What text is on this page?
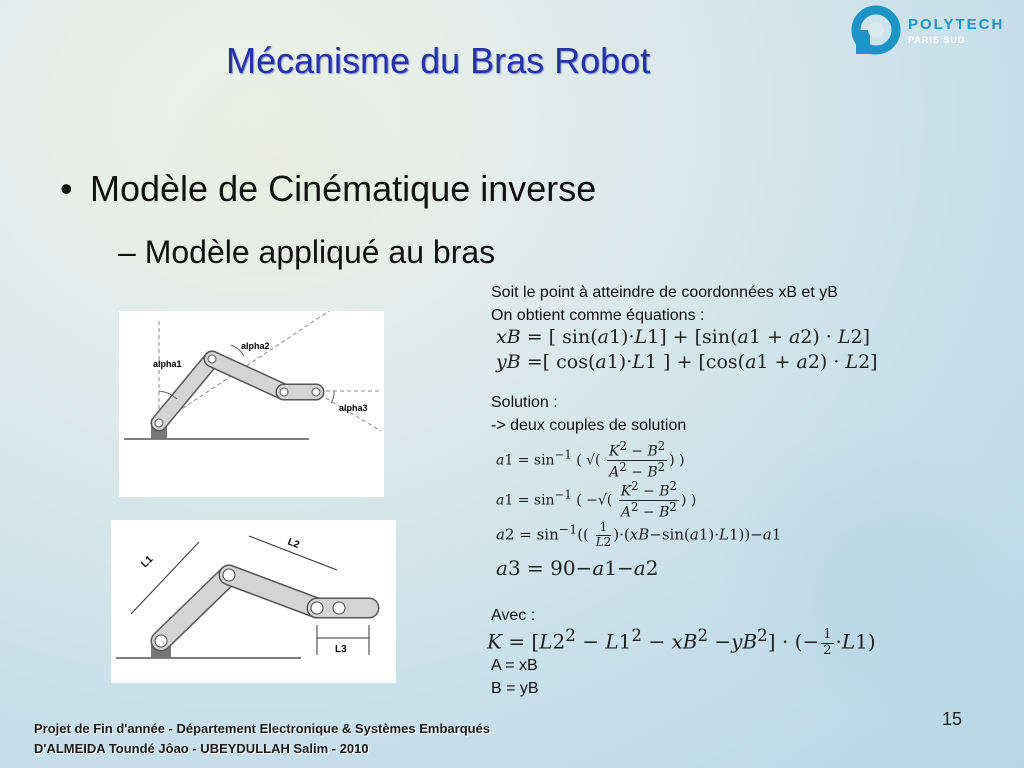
POLYTECH
PARIS SUD
Mécanisme du Bras Robot
• Modèle de Cinématique inverse
– Modèle appliqué au bras
alpha1
alpha2
alpha3
L1
L2
L3
Soit le point à atteindre de coordonnées xB et yB
On obtient comme équations :
xB = [ sin(a1)·L1] + [sin(a1 + a2) · L2]
yB =[ cos(a1)·L1 ] + [cos(a1 + a2) · L2]
Solution :
-> deux couples de solution
$a1 = \sin^{-1}$ ( √( $\frac{K^2 - B^2}{A^2 - B^2}$ ) )
$a1 = \sin^{-1}$ ( −√( $\frac{K^2 - B^2}{A^2 - B^2}$ ) )
$a2 = \sin^{-1}(( \frac{1}{L2} )\cdot(xB-\sin(a1)\cdot L1))-a1$
a3 = 90−a1−a2
Avec :
$K = [L2^2 - L1^2 - xB^2 -yB^2]$ · (− $\frac{1}{2} \cdot L1$)
A = xB
B = yB
Projet de Fin d'année - Département Electronique & Systèmes Embarqués
D'ALMEIDA Toundé Jôao - UBEYDULLAH Salim - 2010
15
